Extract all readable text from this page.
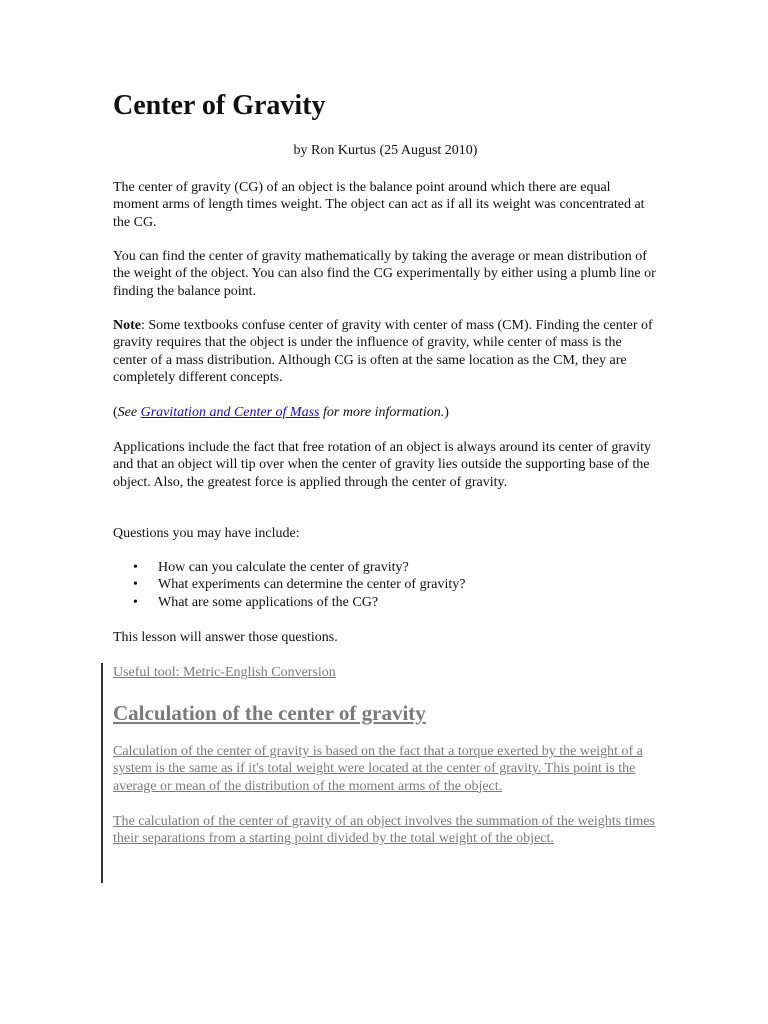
Center of Gravity
by Ron Kurtus (25 August 2010)

The center of gravity (CG) of an object is the balance point around which there are equal moment arms of length times weight. The object can act as if all its weight was concentrated at the CG.

You can find the center of gravity mathematically by taking the average or mean distribution of the weight of the object. You can also find the CG experimentally by either using a plumb line or finding the balance point.

Note: Some textbooks confuse center of gravity with center of mass (CM). Finding the center of gravity requires that the object is under the influence of gravity, while center of mass is the center of a mass distribution. Although CG is often at the same location as the CM, they are completely different concepts.

(See Gravitation and Center of Mass for more information.)

Applications include the fact that free rotation of an object is always around its center of gravity and that an object will tip over when the center of gravity lies outside the supporting base of the object. Also, the greatest force is applied through the center of gravity.

Questions you may have include:

• How can you calculate the center of gravity?
• What experiments can determine the center of gravity?
• What are some applications of the CG?

This lesson will answer those questions.

Useful tool: Metric-English Conversion
Calculation of the center of gravity

Calculation of the center of gravity is based on the fact that a torque exerted by the weight of a system is the same as if it's total weight were located at the center of gravity. This point is the average or mean of the distribution of the moment arms of the object.

The calculation of the center of gravity of an object involves the summation of the weights times their separations from a starting point divided by the total weight of the object.
